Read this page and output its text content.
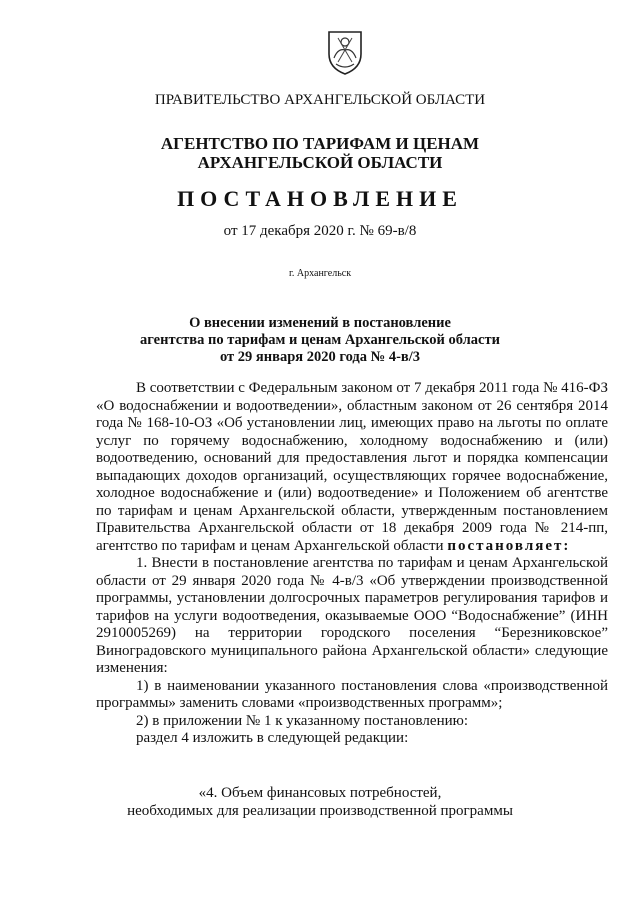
ПРАВИТЕЛЬСТВО АРХАНГЕЛЬСКОЙ ОБЛАСТИ
АГЕНТСТВО ПО ТАРИФАМ И ЦЕНАМ
АРХАНГЕЛЬСКОЙ ОБЛАСТИ
ПОСТАНОВЛЕНИЕ
от 17 декабря 2020 г. № 69-в/8
г. Архангельск
О внесении изменений в постановление
агентства по тарифам и ценам Архангельской области
от 29 января 2020 года № 4-в/3

В соответствии с Федеральным законом от 7 декабря 2011 года № 416-ФЗ «О водоснабжении и водоотведении», областным законом от 26 сентября 2014 года № 168-10-ОЗ «Об установлении лиц, имеющих право на льготы по оплате услуг по горячему водоснабжению, холодному водоснабжению и (или) водоотведению, оснований для предоставления льгот и порядка компенсации выпадающих доходов организаций, осуществляющих горячее водоснабжение, холодное водоснабжение и (или) водоотведение» и Положением об агентстве по тарифам и ценам Архангельской области, утвержденным постановлением Правительства Архангельской области от 18 декабря 2009 года № 214-пп, агентство по тарифам и ценам Архангельской области постановляет:

1. Внести в постановление агентства по тарифам и ценам Архангельской области от 29 января 2020 года № 4-в/3 «Об утверждении производственной программы, установлении долгосрочных параметров регулирования тарифов и тарифов на услуги водоотведения, оказываемые ООО “Водоснабжение” (ИНН 2910005269) на территории городского поселения “Березниковское” Виноградовского муниципального района Архангельской области» следующие изменения:

1) в наименовании указанного постановления слова «производственной программы» заменить словами «производственных программ»;

2) в приложении № 1 к указанному постановлению:

раздел 4 изложить в следующей редакции:

«4. Объем финансовых потребностей,
необходимых для реализации производственной программы
